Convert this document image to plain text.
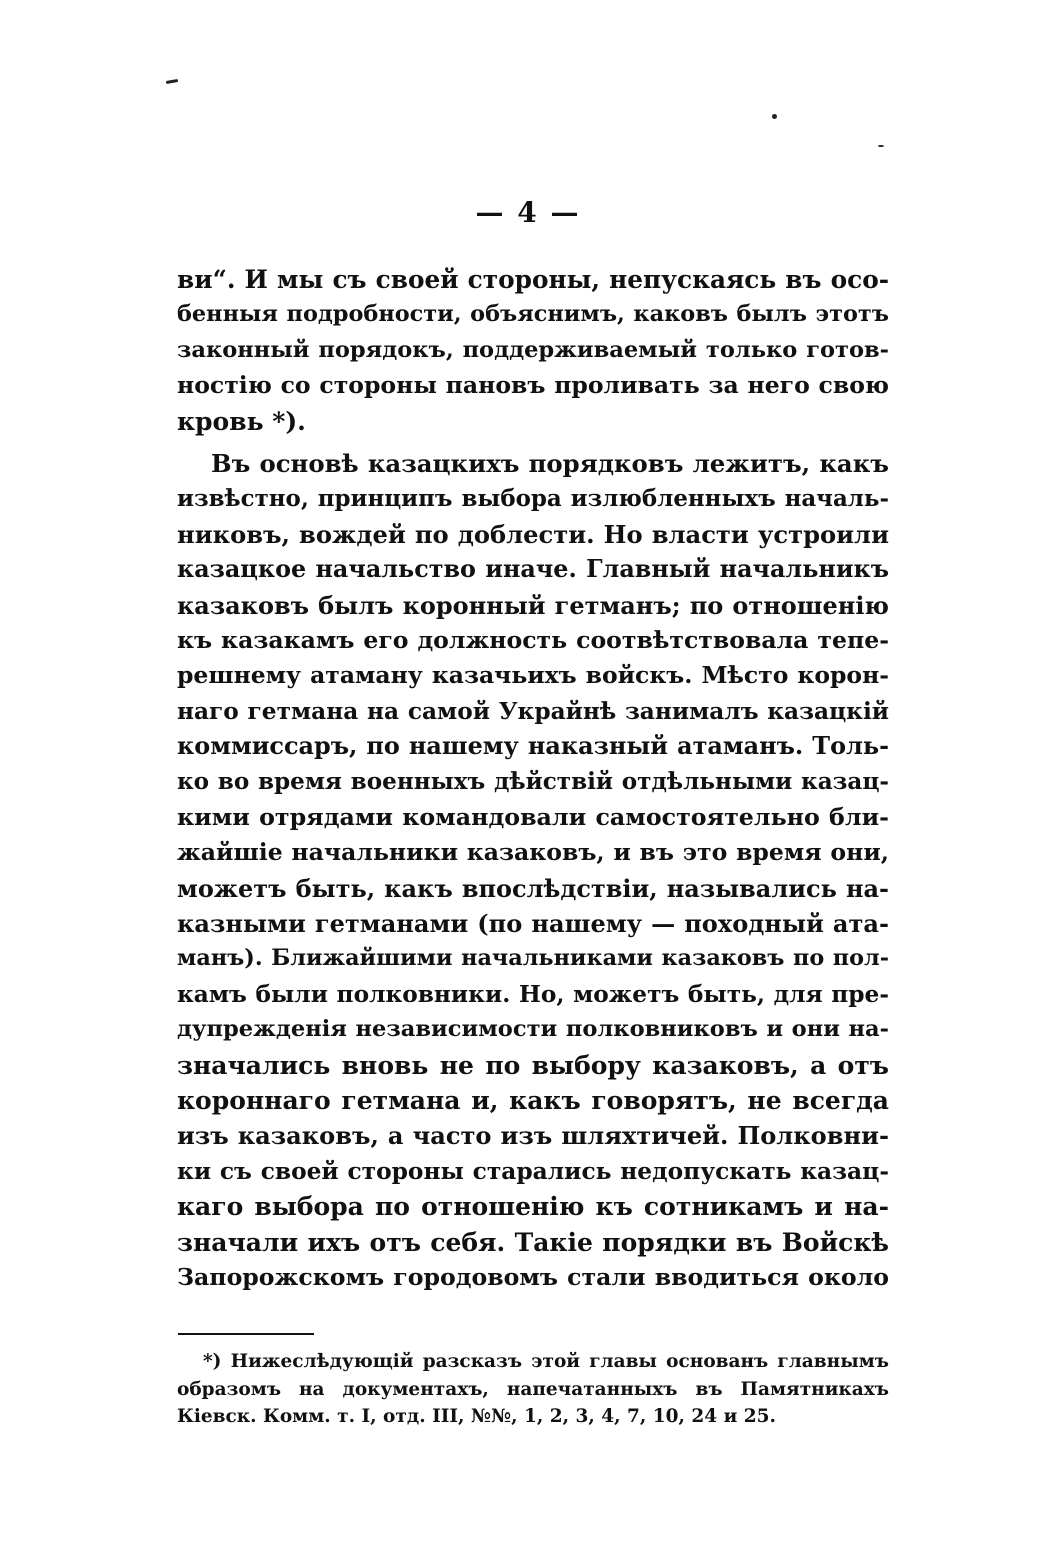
— 4 —
ви“. И мы съ своей стороны, непускаясь въ осо-
бенныя подробности, объяснимъ, каковъ былъ этотъ
законный порядокъ, поддерживаемый только готов-
ностію со стороны пановъ проливать за него свою
кровь *).
Въ основѣ казацкихъ порядковъ лежитъ, какъ
извѣстно, принципъ выбора излюбленныхъ началь-
никовъ, вождей по доблести. Но власти устроили
казацкое начальство иначе. Главный начальникъ
казаковъ былъ коронный гетманъ; по отношенію
къ казакамъ его должность соотвѣтствовала тепе-
решнему атаману казачьихъ войскъ. Мѣсто корон-
наго гетмана на самой Украйнѣ занималъ казацкій
коммиссаръ, по нашему наказный атаманъ. Толь-
ко во время военныхъ дѣйствій отдѣльными казац-
кими отрядами командовали самостоятельно бли-
жайшіе начальники казаковъ, и въ это время они,
можетъ быть, какъ впослѣдствіи, назывались на-
казными гетманами (по нашему — походный ата-
манъ). Ближайшими начальниками казаковъ по пол-
камъ были полковники. Но, можетъ быть, для пре-
дупрежденія независимости полковниковъ и они на-
значались вновь не по выбору казаковъ, а отъ
короннаго гетмана и, какъ говорятъ, не всегда
изъ казаковъ, а часто изъ шляхтичей. Полковни-
ки съ своей стороны старались недопускать казац-
каго выбора по отношенію къ сотникамъ и на-
значали ихъ отъ себя. Такіе порядки въ Войскѣ
Запорожскомъ городовомъ стали вводиться около
*) Нижеслѣдующій разсказъ этой главы основанъ главнымъ
образомъ на документахъ, напечатанныхъ въ Памятникахъ
Кіевск. Комм. т. I, отд. III, №№, 1, 2, 3, 4, 7, 10, 24 и 25.
